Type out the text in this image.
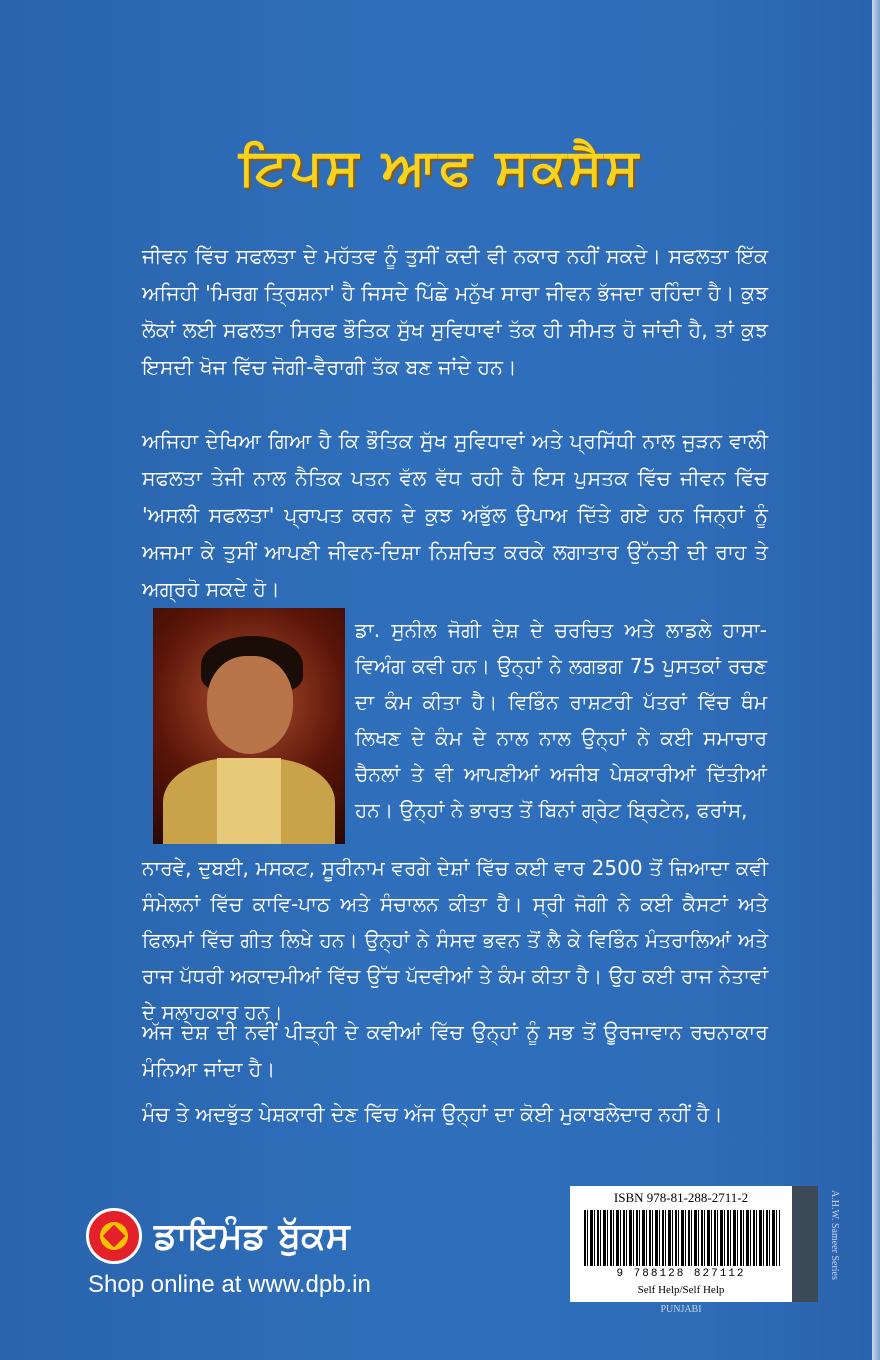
ਟਿਪਸ ਆਫ ਸਕਸੈਸ

ਜੀਵਨ ਵਿੱਚ ਸਫਲਤਾ ਦੇ ਮਹੱਤਵ ਨੂੰ ਤੁਸੀਂ ਕਦੀ ਵੀ ਨਕਾਰ ਨਹੀਂ ਸਕਦੇ। ਸਫਲਤਾ ਇੱਕ ਅਜਿਹੀ 'ਮਿਰਗ ਤ੍ਰਿਸ਼ਨਾ' ਹੈ ਜਿਸਦੇ ਪਿੱਛੇ ਮਨੁੱਖ ਸਾਰਾ ਜੀਵਨ ਭੱਜਦਾ ਰਹਿੰਦਾ ਹੈ। ਕੁਝ ਲੋਕਾਂ ਲਈ ਸਫਲਤਾ ਸਿਰਫ ਭੌਤਿਕ ਸੁੱਖ ਸੁਵਿਧਾਵਾਂ ਤੱਕ ਹੀ ਸੀਮਤ ਹੋ ਜਾਂਦੀ ਹੈ, ਤਾਂ ਕੁਝ ਇਸਦੀ ਖੋਜ ਵਿੱਚ ਜੋਗੀ-ਵੈਰਾਗੀ ਤੱਕ ਬਣ ਜਾਂਦੇ ਹਨ।

ਅਜਿਹਾ ਦੇਖਿਆ ਗਿਆ ਹੈ ਕਿ ਭੌਤਿਕ ਸੁੱਖ ਸੁਵਿਧਾਵਾਂ ਅਤੇ ਪ੍ਰਸਿੱਧੀ ਨਾਲ ਜੁੜਨ ਵਾਲੀ ਸਫਲਤਾ ਤੇਜੀ ਨਾਲ ਨੈਤਿਕ ਪਤਨ ਵੱਲ ਵੱਧ ਰਹੀ ਹੈ ਇਸ ਪੁਸਤਕ ਵਿੱਚ ਜੀਵਨ ਵਿੱਚ 'ਅਸਲੀ ਸਫਲਤਾ' ਪ੍ਰਾਪਤ ਕਰਨ ਦੇ ਕੁਝ ਅਭੁੱਲ ਉਪਾਅ ਦਿੱਤੇ ਗਏ ਹਨ ਜਿਨ੍ਹਾਂ ਨੂੰ ਅਜਮਾ ਕੇ ਤੁਸੀਂ ਆਪਣੀ ਜੀਵਨ-ਦਿਸ਼ਾ ਨਿਸ਼ਚਿਤ ਕਰਕੇ ਲਗਾਤਾਰ ਉੱਨਤੀ ਦੀ ਰਾਹ ਤੇ ਅਗ੍ਰਹੋ ਸਕਦੇ ਹੋ।

ਡਾ. ਸੁਨੀਲ ਜੋਗੀ ਦੇਸ਼ ਦੇ ਚਰਚਿਤ ਅਤੇ ਲਾਡਲੇ ਹਾਸਾ-ਵਿਅੰਗ ਕਵੀ ਹਨ। ਉਨ੍ਹਾਂ ਨੇ ਲਗਭਗ 75 ਪੁਸਤਕਾਂ ਰਚਣ ਦਾ ਕੰਮ ਕੀਤਾ ਹੈ। ਵਿਭਿੰਨ ਰਾਸ਼ਟਰੀ ਪੱਤਰਾਂ ਵਿੱਚ ਥੰਮ ਲਿਖਣ ਦੇ ਕੰਮ ਦੇ ਨਾਲ ਨਾਲ ਉਨ੍ਹਾਂ ਨੇ ਕਈ ਸਮਾਚਾਰ ਚੈਨਲਾਂ ਤੇ ਵੀ ਆਪਣੀਆਂ ਅਜੀਬ ਪੇਸ਼ਕਾਰੀਆਂ ਦਿੱਤੀਆਂ ਹਨ। ਉਨ੍ਹਾਂ ਨੇ ਭਾਰਤ ਤੋਂ ਬਿਨਾਂ ਗ੍ਰੇਟ ਬ੍ਰਿਟੇਨ, ਫਰਾਂਸ,

ਨਾਰਵੇ, ਦੁਬਈ, ਮਸਕਟ, ਸੂਰੀਨਾਮ ਵਰਗੇ ਦੇਸ਼ਾਂ ਵਿੱਚ ਕਈ ਵਾਰ 2500 ਤੋਂ ਜ਼ਿਆਦਾ ਕਵੀ ਸੰਮੇਲਨਾਂ ਵਿੱਚ ਕਾਵਿ-ਪਾਠ ਅਤੇ ਸੰਚਾਲਨ ਕੀਤਾ ਹੈ। ਸ੍ਰੀ ਜੋਗੀ ਨੇ ਕਈ ਕੈਸਟਾਂ ਅਤੇ ਫਿਲਮਾਂ ਵਿੱਚ ਗੀਤ ਲਿਖੇ ਹਨ। ਉਨ੍ਹਾਂ ਨੇ ਸੰਸਦ ਭਵਨ ਤੋਂ ਲੈ ਕੇ ਵਿਭਿੰਨ ਮੰਤਰਾਲਿਆਂ ਅਤੇ ਰਾਜ ਪੱਧਰੀ ਅਕਾਦਮੀਆਂ ਵਿੱਚ ਉੱਚ ਪੱਦਵੀਆਂ ਤੇ ਕੰਮ ਕੀਤਾ ਹੈ। ਉਹ ਕਈ ਰਾਜ ਨੇਤਾਵਾਂ ਦੇ ਸਲਾਹਕਾਰ ਹਨ।

ਅੱਜ ਦੇਸ਼ ਦੀ ਨਵੀਂ ਪੀੜ੍ਹੀ ਦੇ ਕਵੀਆਂ ਵਿੱਚ ਉਨ੍ਹਾਂ ਨੂੰ ਸਭ ਤੋਂ ਊਰਜਾਵਾਨ ਰਚਨਾਕਾਰ ਮੰਨਿਆ ਜਾਂਦਾ ਹੈ।

ਮੰਚ ਤੇ ਅਦਭੁੱਤ ਪੇਸ਼ਕਾਰੀ ਦੇਣ ਵਿੱਚ ਅੱਜ ਉਨ੍ਹਾਂ ਦਾ ਕੋਈ ਮੁਕਾਬਲੇਦਾਰ ਨਹੀਂ ਹੈ।

ਡਾਇਮੰਡ ਬੁੱਕਸ
Shop online at www.dpb.in
ISBN 978-81-288-2711-2
9 788128 827112
Self Help/Self Help
PUNJABI
A.H.W. Sameer Series
